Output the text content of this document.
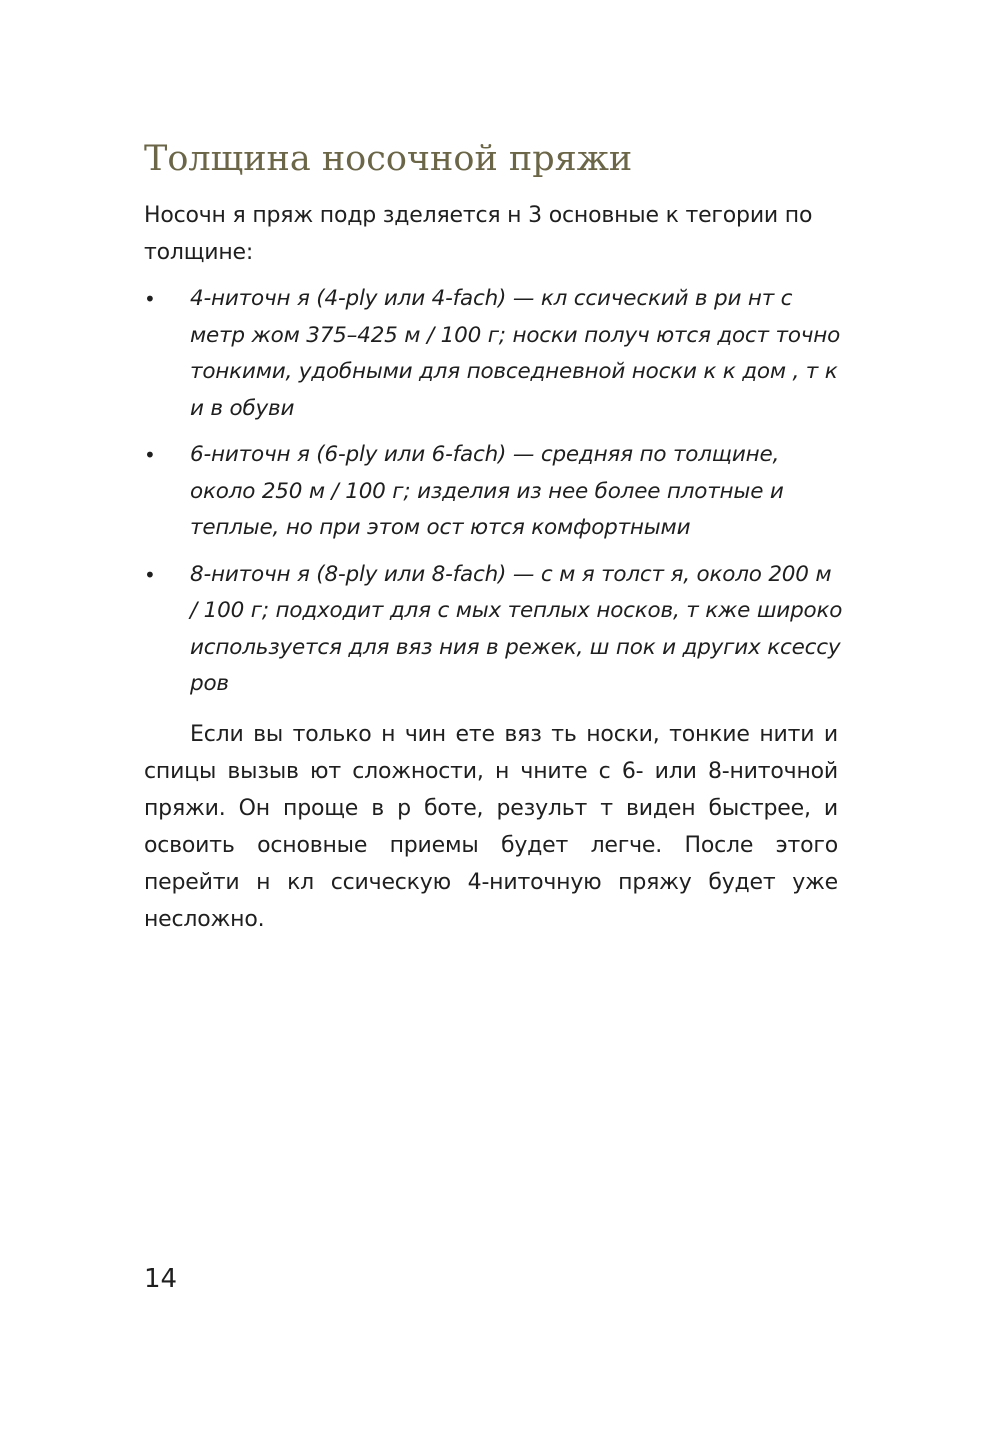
Толщина носочной пряжи

Носочн я пряж подр зделяется н 3 основные к тегории по толщине:

• 4-ниточн я (4-ply или 4-fach) — кл ссический в ри нт с метр жом 375–425 м / 100 г; носки получ ются дост точно тонкими, удобными для повседневной носки к к дом , т к и в обуви
• 6-ниточн я (6-ply или 6-fach) — средняя по толщине, около 250 м / 100 г; изделия из нее более плотные и теплые, но при этом ост ются комфортными
• 8-ниточн я (8-ply или 8-fach) — с м я толст я, около 200 м / 100 г; подходит для с мых теплых носков, т кже широко используется для вяз ния в режек, ш пок и других ксессу ров

Если вы только н чин ете вяз ть носки, тонкие нити и спицы вызыв ют сложности, н чните с 6- или 8-ниточной пряжи. Он проще в р боте, результ т виден быстрее, и освоить основные приемы будет легче. После этого перейти н кл ссическую 4-ниточную пряжу будет уже несложно.

14
